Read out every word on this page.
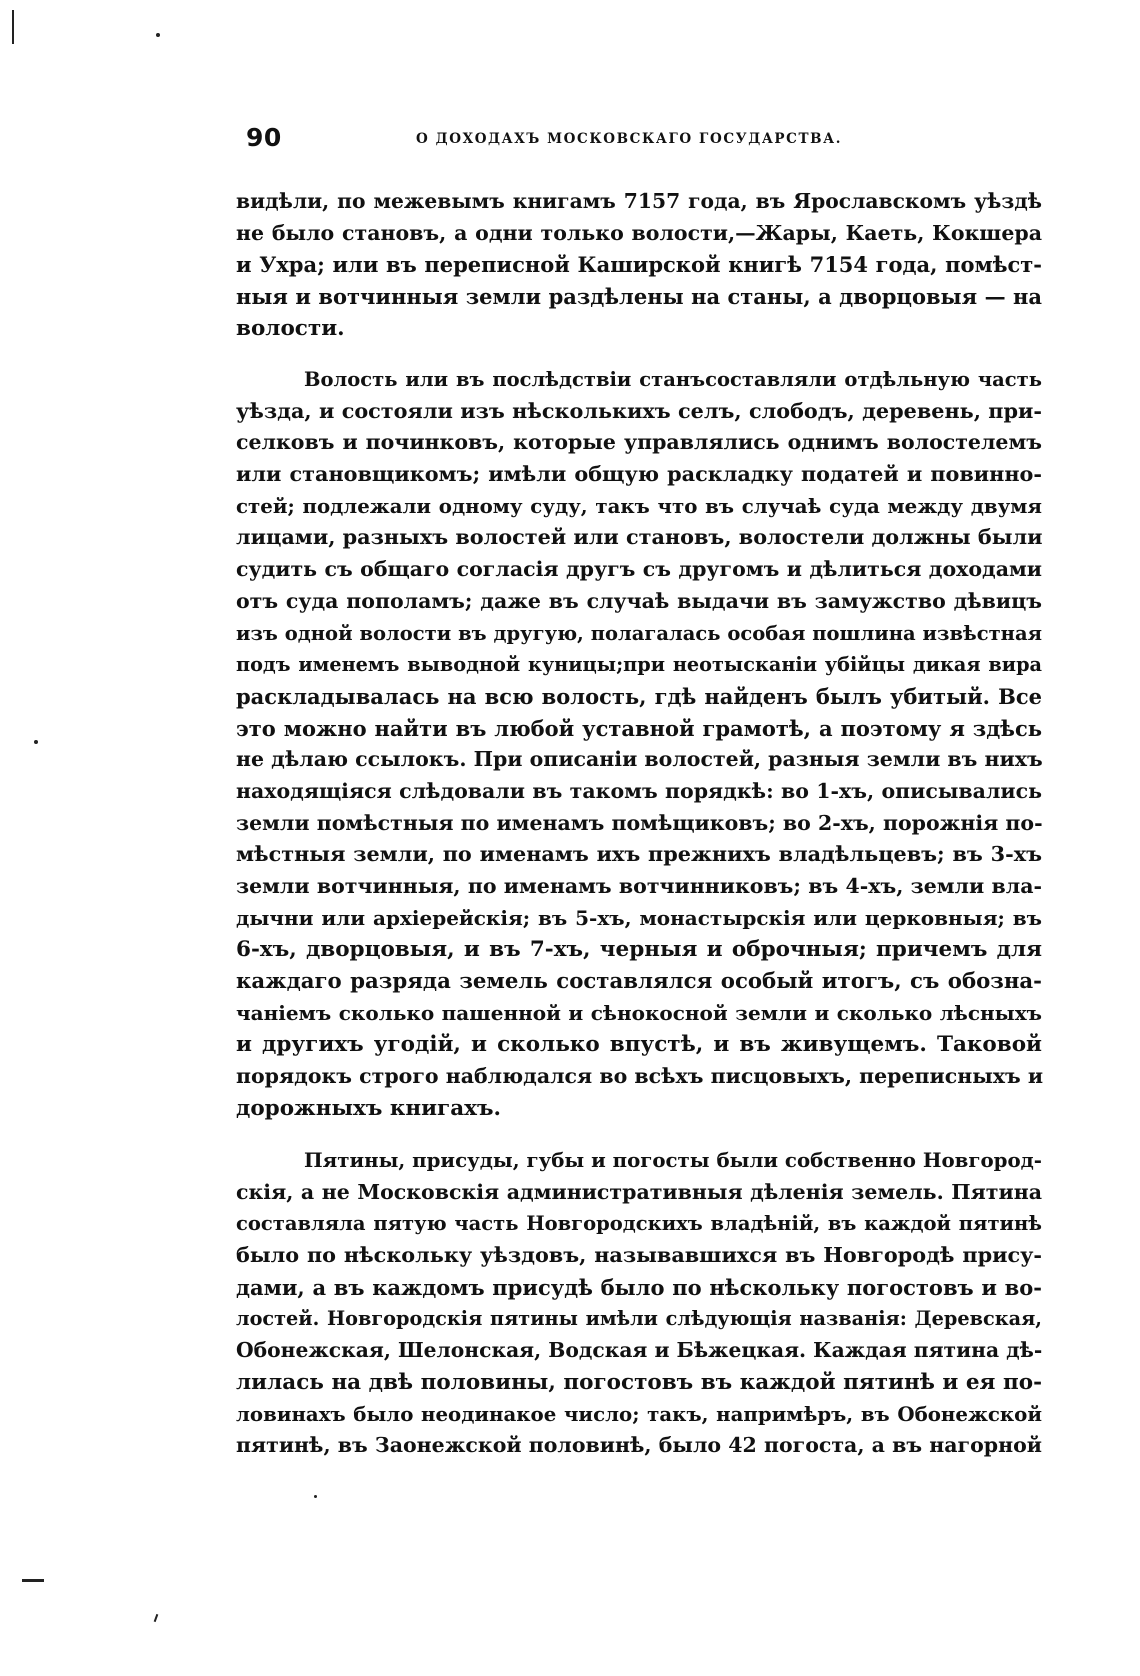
90	О ДОХОДАХЪ МОСКОВСКАГО ГОСУДАРСТВА.
видѣли, по межевымъ книгамъ 7157 года, въ Ярославскомъ уѣздѣ
не было становъ, а одни только волости,—Жары, Каеть, Кокшера
и Ухра; или въ переписной Каширской книгѣ 7154 года, помѣст-
ныя и вотчинныя земли раздѣлены на станы, а дворцовыя — на
волости.
Волость или въ послѣдствіи станъсоставляли отдѣльную часть
уѣзда, и состояли изъ нѣсколькихъ селъ, слободъ, деревень, при-
селковъ и починковъ, которые управлялись однимъ волостелемъ
или становщикомъ; имѣли общую раскладку податей и повинно-
стей; подлежали одному суду, такъ что въ случаѣ суда между двумя
лицами, разныхъ волостей или становъ, волостели должны были
судить съ общаго согласія другъ съ другомъ и дѣлиться доходами
отъ суда пополамъ; даже въ случаѣ выдачи въ замужство дѣвицъ
изъ одной волости въ другую, полагалась особая пошлина извѣстная
подъ именемъ выводной куницы;при неотысканіи убійцы дикая вира
раскладывалась на всю волость, гдѣ найденъ былъ убитый. Все
это можно найти въ любой уставной грамотѣ, а поэтому я здѣсь
не дѣлаю ссылокъ. При описаніи волостей, разныя земли въ нихъ
находящіяся слѣдовали въ такомъ порядкѣ: во 1-хъ, описывались
земли помѣстныя по именамъ помѣщиковъ; во 2-хъ, порожнія по-
мѣстныя земли, по именамъ ихъ прежнихъ владѣльцевъ; въ 3-хъ
земли вотчинныя, по именамъ вотчинниковъ; въ 4-хъ, земли вла-
дычни или архіерейскія; въ 5-хъ, монастырскія или церковныя; въ
6-хъ, дворцовыя, и въ 7-хъ, черныя и оброчныя; причемъ для
каждаго разряда земель составлялся особый итогъ, съ обозна-
чаніемъ сколько пашенной и сѣнокосной земли и сколько лѣсныхъ
и другихъ угодій, и сколько впустѣ, и въ живущемъ. Таковой
порядокъ строго наблюдался во всѣхъ писцовыхъ, переписныхъ и
дорожныхъ книгахъ.
Пятины, присуды, губы и погосты были собственно Новгород-
скія, а не Московскія административныя дѣленія земель. Пятина
составляла пятую часть Новгородскихъ владѣній, въ каждой пятинѣ
было по нѣскольку уѣздовъ, называвшихся въ Новгородѣ прису-
дами, а въ каждомъ присудѣ было по нѣскольку погостовъ и во-
лостей. Новгородскія пятины имѣли слѣдующія названія: Деревская,
Обонежская, Шелонская, Водская и Бѣжецкая. Каждая пятина дѣ-
лилась на двѣ половины, погостовъ въ каждой пятинѣ и ея по-
ловинахъ было неодинакое число; такъ, напримѣръ, въ Обонежской
пятинѣ, въ Заонежской половинѣ, было 42 погоста, а въ нагорной
